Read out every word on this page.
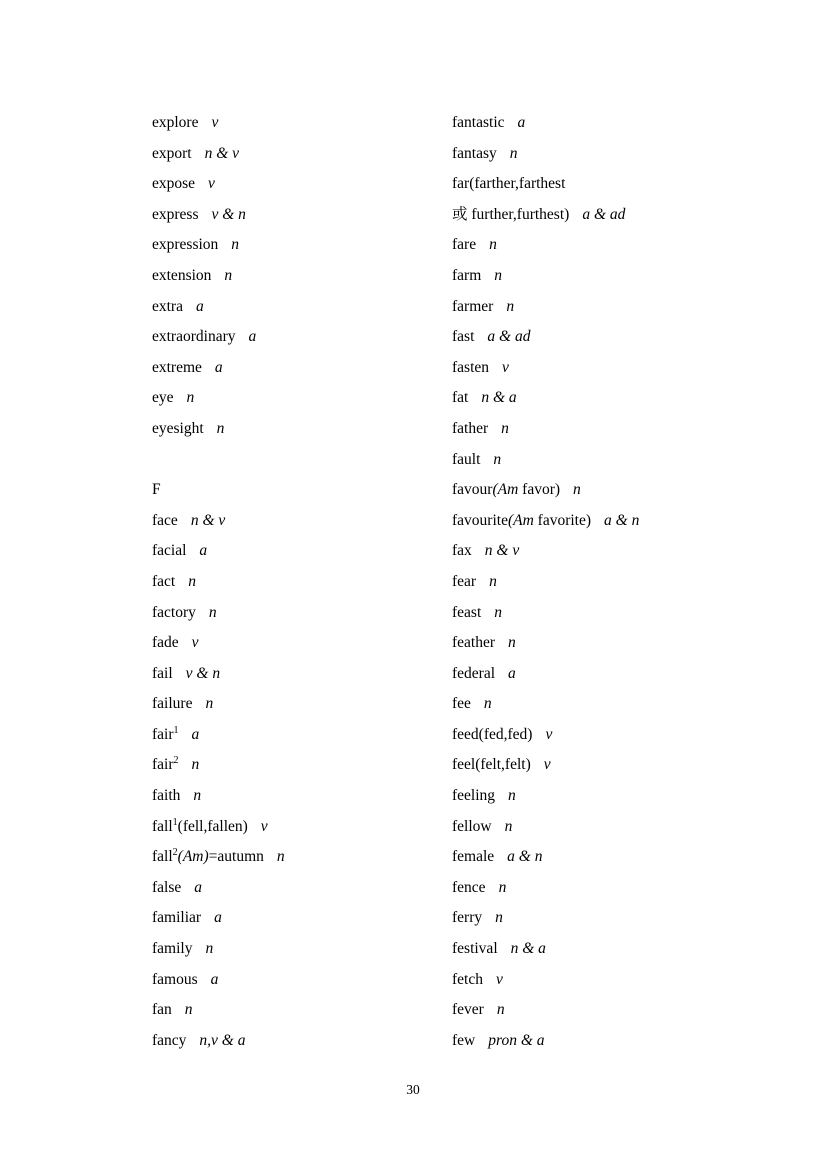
explore v
export n & v
expose v
express v & n
expression n
extension n
extra a
extraordinary a
extreme a
eye n
eyesight n
F
face n & v
facial a
fact n
factory n
fade v
fail v & n
failure n
fair$^1$ a
fair$^2$ n
faith n
fall$^1$(fell,fallen) v
fall$^2$(Am)=autumn n
false a
familiar a
family n
famous a
fan n
fancy n,v & a
fantastic a
fantasy n
far(farther,farthest
或 further,furthest) a & ad
fare n
farm n
farmer n
fast a & ad
fasten v
fat n & a
father n
fault n
favour(Am favor) n
favourite(Am favorite) a & n
fax n & v
fear n
feast n
feather n
federal a
fee n
feed(fed,fed) v
feel(felt,felt) v
feeling n
fellow n
female a & n
fence n
ferry n
festival n & a
fetch v
fever n
few pron & a
30
